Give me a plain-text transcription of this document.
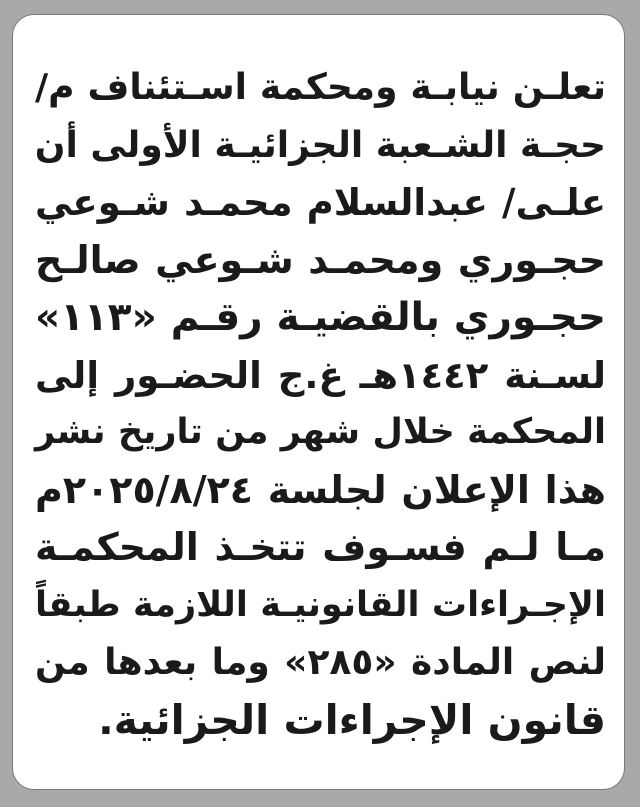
تعلـن نيابـة ومحكمة اسـتئناف م/
حجـة الشـعبة الجزائيـة الأولى أن
علـى/ عبدالسلام محمـد شـوعي
حجـوري ومحمـد شـوعي صالـح
حجـوري بالقضيـة رقـم «١١٣»
لسـنة ١٤٤٢هـ غ.ج الحضـور إلى
المحكمة خلال شهر من تاريخ نشر
هذا الإعلان لجلسة ٢٠٢٥/٨/٢٤م
مـا لـم فسـوف تتخـذ المحكمـة
الإجـراءات القانونيـة اللازمة طبقاً
لنص المادة «٢٨٥» وما بعدها من
قانون الإجراءات الجزائية.
